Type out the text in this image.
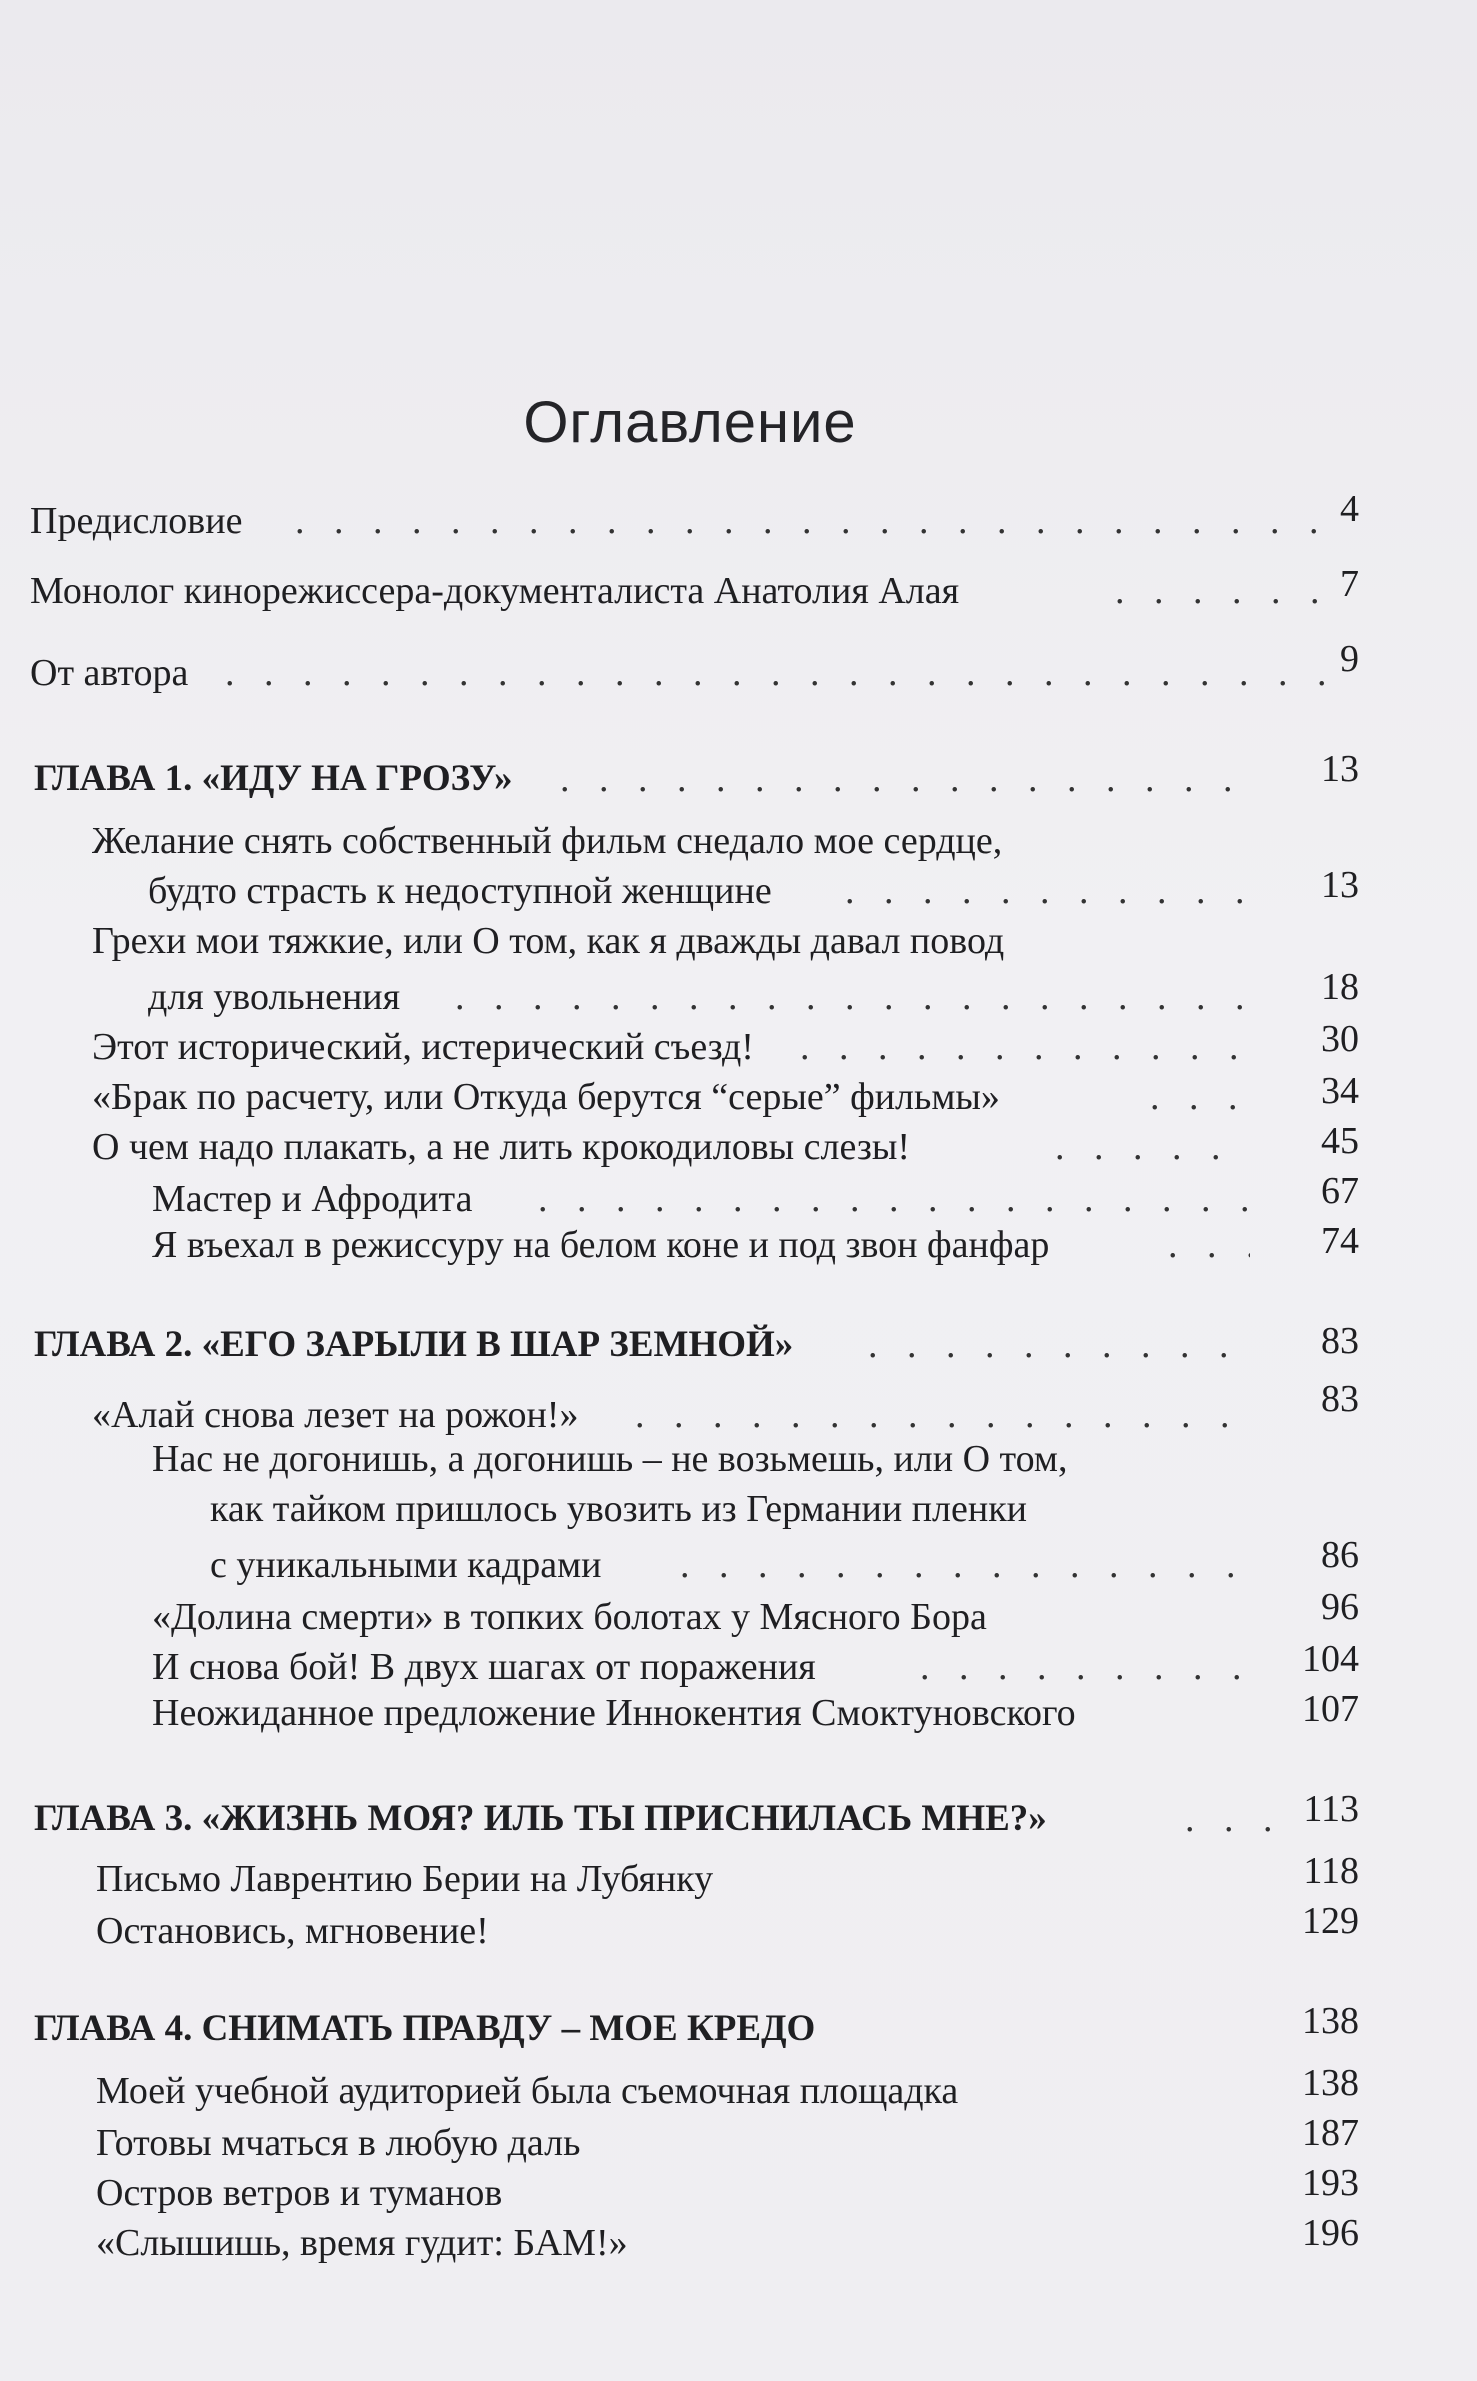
Оглавление
Предисловие . . .	4
Монолог кинорежиссера-документалиста Анатолия Алая . . .	7
От автора . . .	9
ГЛАВА 1. «ИДУ НА ГРОЗУ» . . .	13
Желание снять собственный фильм снедало мое сердце,
будто страсть к недоступной женщине . . .	13
Грехи мои тяжкие, или О том, как я дважды давал повод
для увольнения . . .	18
Этот исторический, истерический съезд! . . .	30
«Брак по расчету, или Откуда берутся “серые” фильмы» . . .	34
О чем надо плакать, а не лить крокодиловы слезы! . . .	45
Мастер и Афродита . . .	67
Я въехал в режиссуру на белом коне и под звон фанфар . . .	74
ГЛАВА 2. «ЕГО ЗАРЫЛИ В ШАР ЗЕМНОЙ» . . .	83
«Алай снова лезет на рожон!» . . .	83
Нас не догонишь, а догонишь – не возьмешь, или О том,
как тайком пришлось увозить из Германии пленки
с уникальными кадрами . . .	86
«Долина смерти» в топких болотах у Мясного Бора	96
И снова бой! В двух шагах от поражения . . .	104
Неожиданное предложение Иннокентия Смоктуновского	107
ГЛАВА 3. «ЖИЗНЬ МОЯ? ИЛЬ ТЫ ПРИСНИЛАСЬ МНЕ?» . . .	113
Письмо Лаврентию Берии на Лубянку	118
Остановись, мгновение!	129
ГЛАВА 4. СНИМАТЬ ПРАВДУ – МОЕ КРЕДО	138
Моей учебной аудиторией была съемочная площадка	138
Готовы мчаться в любую даль	187
Остров ветров и туманов	193
«Слышишь, время гудит: БАМ!»	196
